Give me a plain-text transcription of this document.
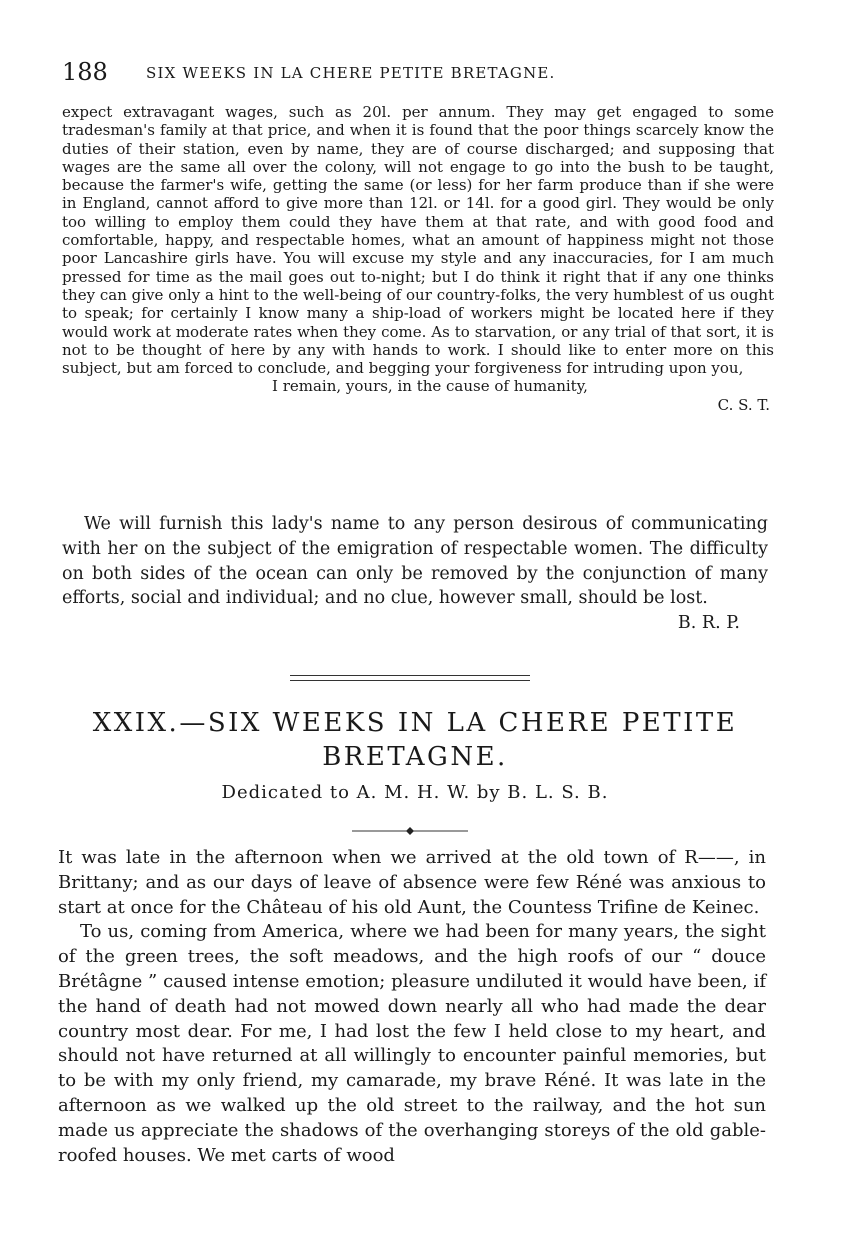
188	SIX WEEKS IN LA CHERE PETITE BRETAGNE.

expect extravagant wages, such as 20l. per annum. They may get engaged to some tradesman's family at that price, and when it is found that the poor things scarcely know the duties of their station, even by name, they are of course discharged; and supposing that wages are the same all over the colony, will not engage to go into the bush to be taught, because the farmer's wife, getting the same (or less) for her farm produce than if she were in England, cannot afford to give more than 12l. or 14l. for a good girl. They would be only too willing to employ them could they have them at that rate, and with good food and comfortable, happy, and respectable homes, what an amount of happiness might not those poor Lancashire girls have. You will excuse my style and any inaccuracies, for I am much pressed for time as the mail goes out to-night; but I do think it right that if any one thinks they can give only a hint to the well-being of our country-folks, the very humblest of us ought to speak; for certainly I know many a ship-load of workers might be located here if they would work at moderate rates when they come. As to starvation, or any trial of that sort, it is not to be thought of here by any with hands to work. I should like to enter more on this subject, but am forced to conclude, and begging your forgiveness for intruding upon you,

I remain, yours, in the cause of humanity,

C. S. T.

We will furnish this lady's name to any person desirous of communicating with her on the subject of the emigration of respectable women. The difficulty on both sides of the ocean can only be removed by the conjunction of many efforts, social and individual; and no clue, however small, should be lost.

B. R. P.

XXIX.—SIX WEEKS IN LA CHERE PETITE BRETAGNE.
Dedicated to A. M. H. W. by B. L. S. B.

It was late in the afternoon when we arrived at the old town of R——, in Brittany; and as our days of leave of absence were few Réné was anxious to start at once for the Château of his old Aunt, the Countess Trifine de Keinec.

To us, coming from America, where we had been for many years, the sight of the green trees, the soft meadows, and the high roofs of our “ douce Brétâgne ” caused intense emotion; pleasure undiluted it would have been, if the hand of death had not mowed down nearly all who had made the dear country most dear. For me, I had lost the few I held close to my heart, and should not have returned at all willingly to encounter painful memories, but to be with my only friend, my camarade, my brave Réné. It was late in the afternoon as we walked up the old street to the railway, and the hot sun made us appreciate the shadows of the overhanging storeys of the old gable-roofed houses. We met carts of wood
